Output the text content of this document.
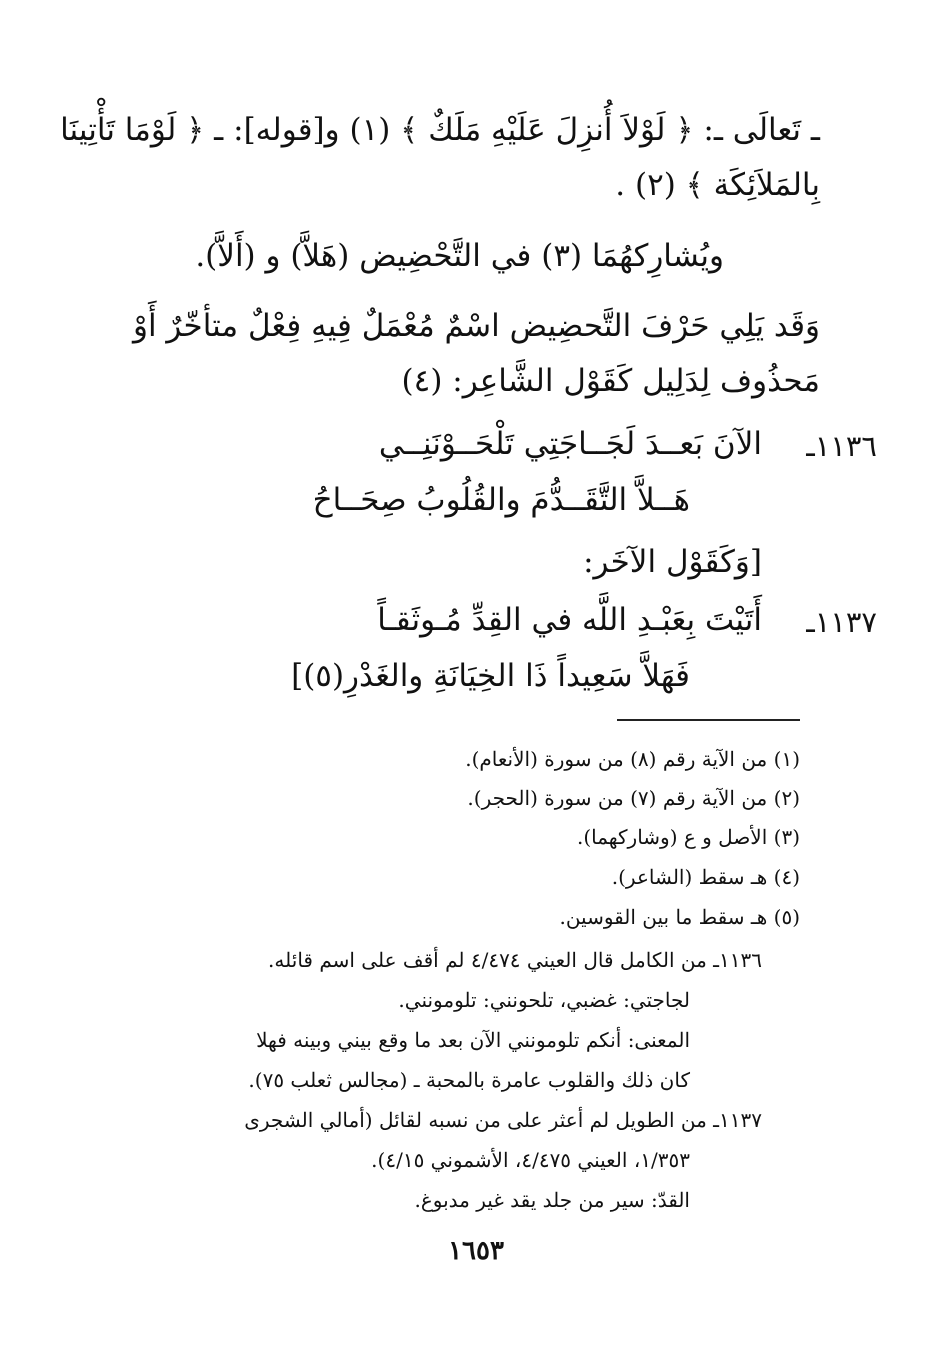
ـ تَعالَى ـ: ﴿ لَوْلاَ أُنزِلَ عَلَيْهِ مَلَكٌ ﴾ (١) و[قوله]: ـ ﴿ لَوْمَا تَأْتِينَا
بِالمَلاَئِكَة ﴾ (٢) .
ويُشارِكهُمَا (٣) في التَّحْضِيض (هَلاَّ) و (أَلاَّ).
وَقَد يَلِي حَرْفَ التَّحضِيض اسْمٌ مُعْمَلٌ فِيهِ فِعْلٌ متأخّرٌ أَوْ
مَحذُوف لِدَلِيل كَقَوْل الشَّاعِر: (٤)
١١٣٦ـ
الآنَ بَعــدَ لَجَــاجَتِي تَلْحَــوْنَنِــي
هَــلاَّ التَّقَــدُّمَ والقُلُوبُ صِحَــاحُ
[وَكَقَوْل الآخَر:
١١٣٧ـ
أَتَيْتَ بِعَبْـدِ اللَّه في القِدِّ مُـوثَقـاً
فَهَلاَّ سَعِيداً ذَا الخِيَانَةِ والغَدْرِ(٥)]
(١) من الآية رقم (٨) من سورة (الأنعام).
(٢) من الآية رقم (٧) من سورة (الحجر).
(٣) الأصل و ع (وشاركهما).
(٤) هـ سقط (الشاعر).
(٥) هـ سقط ما بين القوسين.
١١٣٦ـ من الكامل قال العيني ٤/٤٧٤ لم أقف على اسم قائله.
لجاجتي: غضبي، تلحونني: تلومونني.
المعنى: أنكم تلومونني الآن بعد ما وقع بيني وبينه فهلا
كان ذلك والقلوب عامرة بالمحبة ـ (مجالس ثعلب ٧٥).
١١٣٧ـ من الطويل لم أعثر على من نسبه لقائل (أمالي الشجرى
١/٣٥٣، العيني ٤/٤٧٥، الأشموني ٤/١٥).
القدّ: سير من جلد يقد غير مدبوغ.
١٦٥٣
